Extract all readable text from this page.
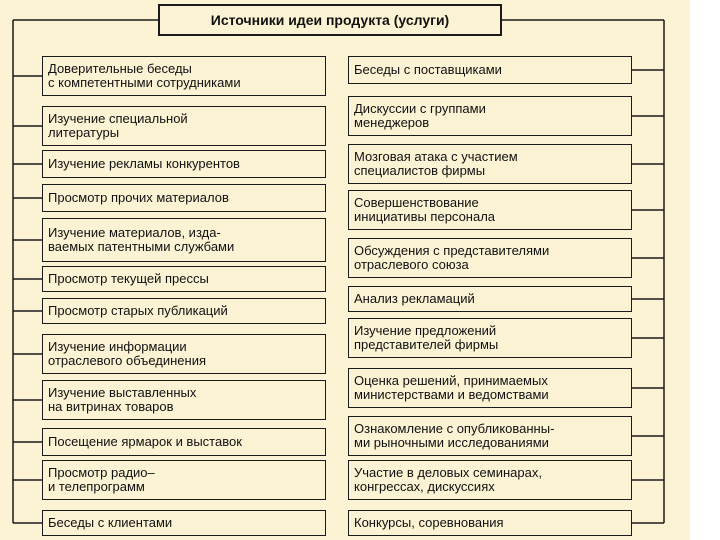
Источники идеи продукта (услуги)
Доверительные беседы
с компетентными сотрудниками
Изучение специальной
литературы
Изучение рекламы конкурентов
Просмотр прочих материалов
Изучение материалов, изда-
ваемых патентными службами
Просмотр текущей прессы
Просмотр старых публикаций
Изучение информации
отраслевого объединения
Изучение выставленных
на витринах товаров
Посещение ярмарок и выставок
Просмотр радио–
и телепрограмм
Беседы с клиентами
Беседы с поставщиками
Дискуссии с группами
менеджеров
Мозговая атака с участием
специалистов фирмы
Совершенствование
инициативы персонала
Обсуждения с представителями
отраслевого союза
Анализ рекламаций
Изучение предложений
представителей фирмы
Оценка решений, принимаемых
министерствами и ведомствами
Ознакомление с опубликованны-
ми рыночными исследованиями
Участие в деловых семинарах,
конгрессах, дискуссиях
Конкурсы, соревнования
